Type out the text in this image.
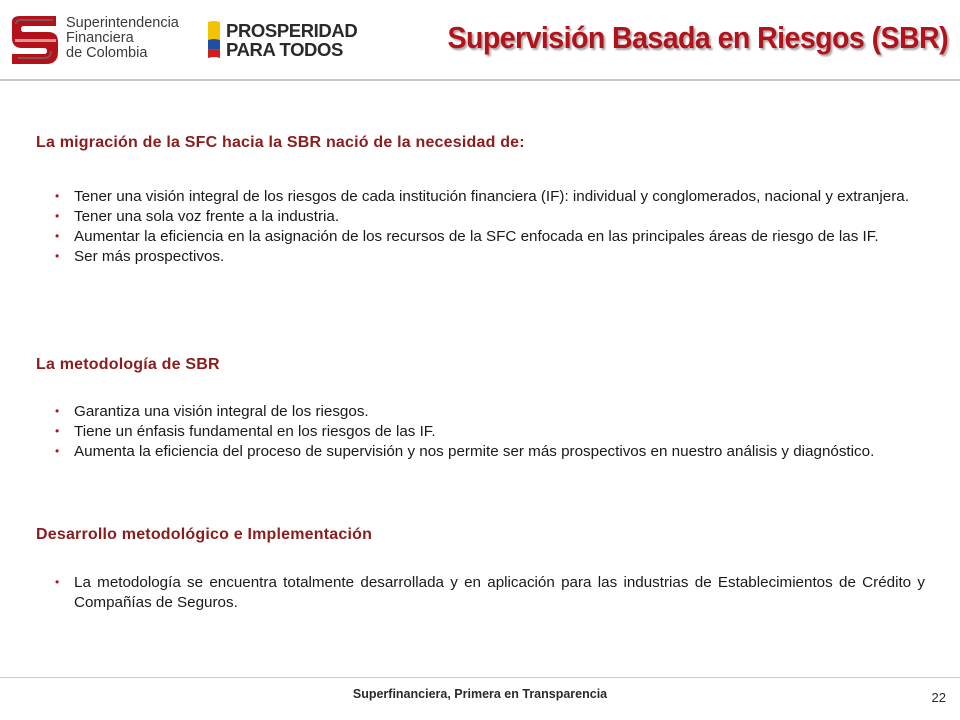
Superintendencia
Financiera
de Colombia
PROSPERIDAD
PARA TODOS	Supervisión Basada en Riesgos (SBR)
La migración de la SFC hacia la SBR nació de la necesidad de:
• Tener una visión integral de los riesgos de cada institución financiera (IF): individual y conglomerados, nacional y extranjera.
• Tener una sola voz frente a la industria.
• Aumentar la eficiencia en la asignación de los recursos de la SFC enfocada en las principales áreas de riesgo de las IF.
• Ser más prospectivos.
La metodología de SBR
• Garantiza una visión integral de los riesgos.
• Tiene un énfasis fundamental en los riesgos de las IF.
• Aumenta la eficiencia del proceso de supervisión y nos permite ser más prospectivos en nuestro análisis y diagnóstico.
Desarrollo metodológico e Implementación
• La metodología se encuentra totalmente desarrollada y en aplicación para las industrias de Establecimientos de Crédito y Compañías de Seguros.
Superfinanciera, Primera en Transparencia	22
